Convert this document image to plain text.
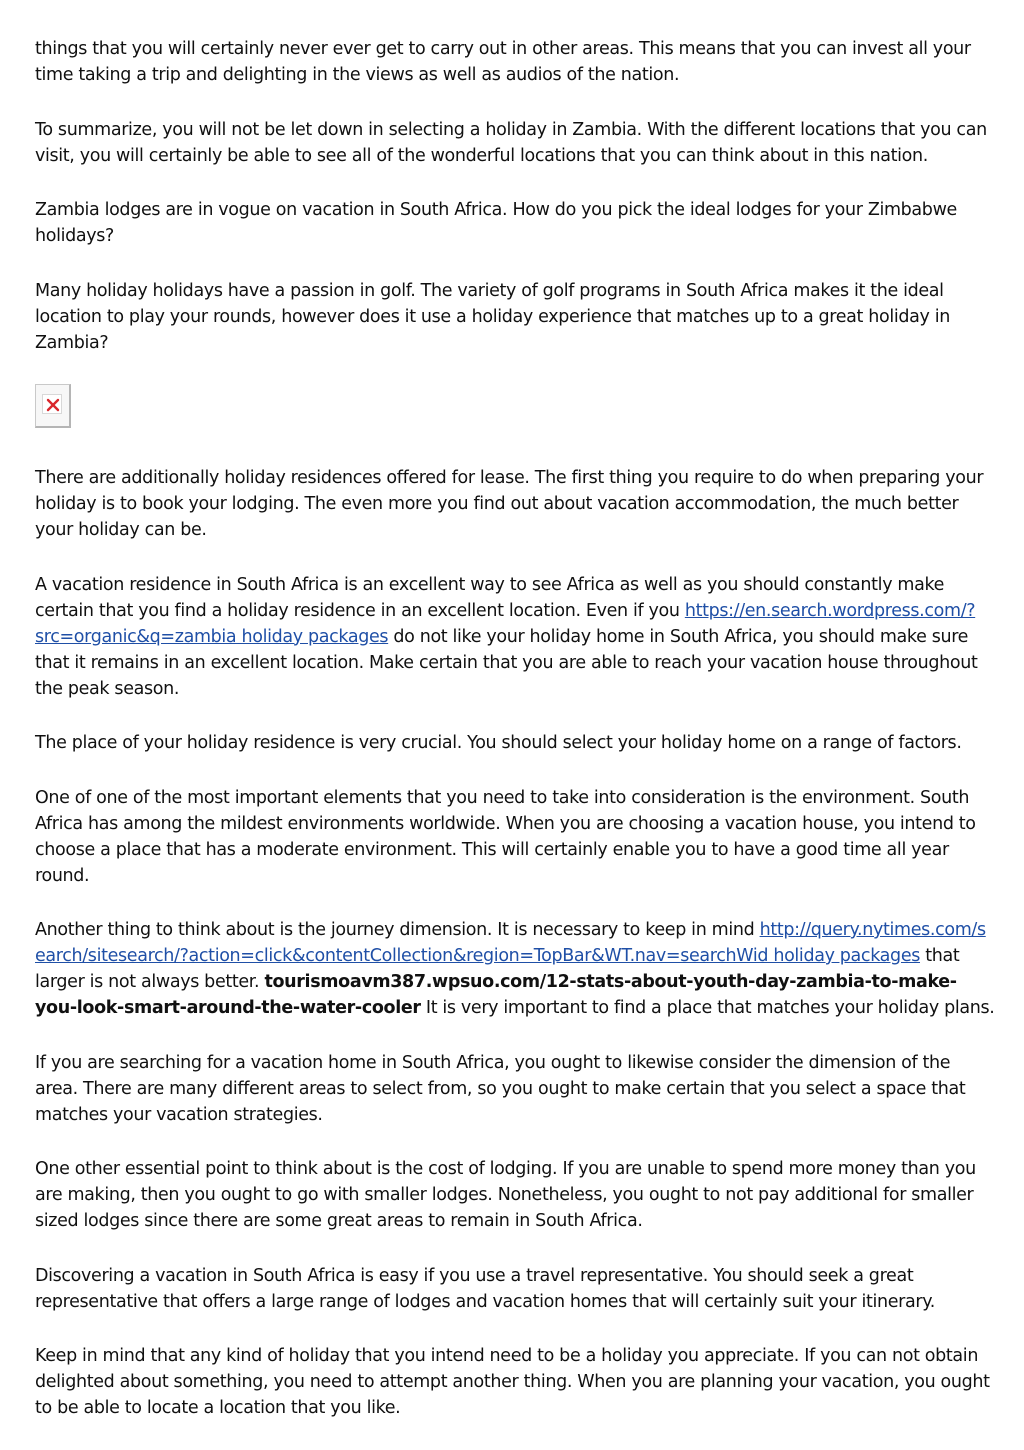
things that you will certainly never ever get to carry out in other areas. This means that you can invest all your time taking a trip and delighting in the views as well as audios of the nation.

To summarize, you will not be let down in selecting a holiday in Zambia. With the different locations that you can visit, you will certainly be able to see all of the wonderful locations that you can think about in this nation.

Zambia lodges are in vogue on vacation in South Africa. How do you pick the ideal lodges for your Zimbabwe holidays?

Many holiday holidays have a passion in golf. The variety of golf programs in South Africa makes it the ideal location to play your rounds, however does it use a holiday experience that matches up to a great holiday in Zambia?

There are additionally holiday residences offered for lease. The first thing you require to do when preparing your holiday is to book your lodging. The even more you find out about vacation accommodation, the much better your holiday can be.

A vacation residence in South Africa is an excellent way to see Africa as well as you should constantly make certain that you find a holiday residence in an excellent location. Even if you https://en.search.wordpress.com/?src=organic&q=zambia holiday packages do not like your holiday home in South Africa, you should make sure that it remains in an excellent location. Make certain that you are able to reach your vacation house throughout the peak season.

The place of your holiday residence is very crucial. You should select your holiday home on a range of factors.

One of one of the most important elements that you need to take into consideration is the environment. South Africa has among the mildest environments worldwide. When you are choosing a vacation house, you intend to choose a place that has a moderate environment. This will certainly enable you to have a good time all year round.

Another thing to think about is the journey dimension. It is necessary to keep in mind http://query.nytimes.com/search/sitesearch/?action=click&contentCollection&region=TopBar&WT.nav=searchWid holiday packages that larger is not always better. tourismoavm387.wpsuo.com/12-stats-about-youth-day-zambia-to-make-you-look-smart-around-the-water-cooler It is very important to find a place that matches your holiday plans.

If you are searching for a vacation home in South Africa, you ought to likewise consider the dimension of the area. There are many different areas to select from, so you ought to make certain that you select a space that matches your vacation strategies.

One other essential point to think about is the cost of lodging. If you are unable to spend more money than you are making, then you ought to go with smaller lodges. Nonetheless, you ought to not pay additional for smaller sized lodges since there are some great areas to remain in South Africa.

Discovering a vacation in South Africa is easy if you use a travel representative. You should seek a great representative that offers a large range of lodges and vacation homes that will certainly suit your itinerary.

Keep in mind that any kind of holiday that you intend need to be a holiday you appreciate. If you can not obtain delighted about something, you need to attempt another thing. When you are planning your vacation, you ought to be able to locate a location that you like.
